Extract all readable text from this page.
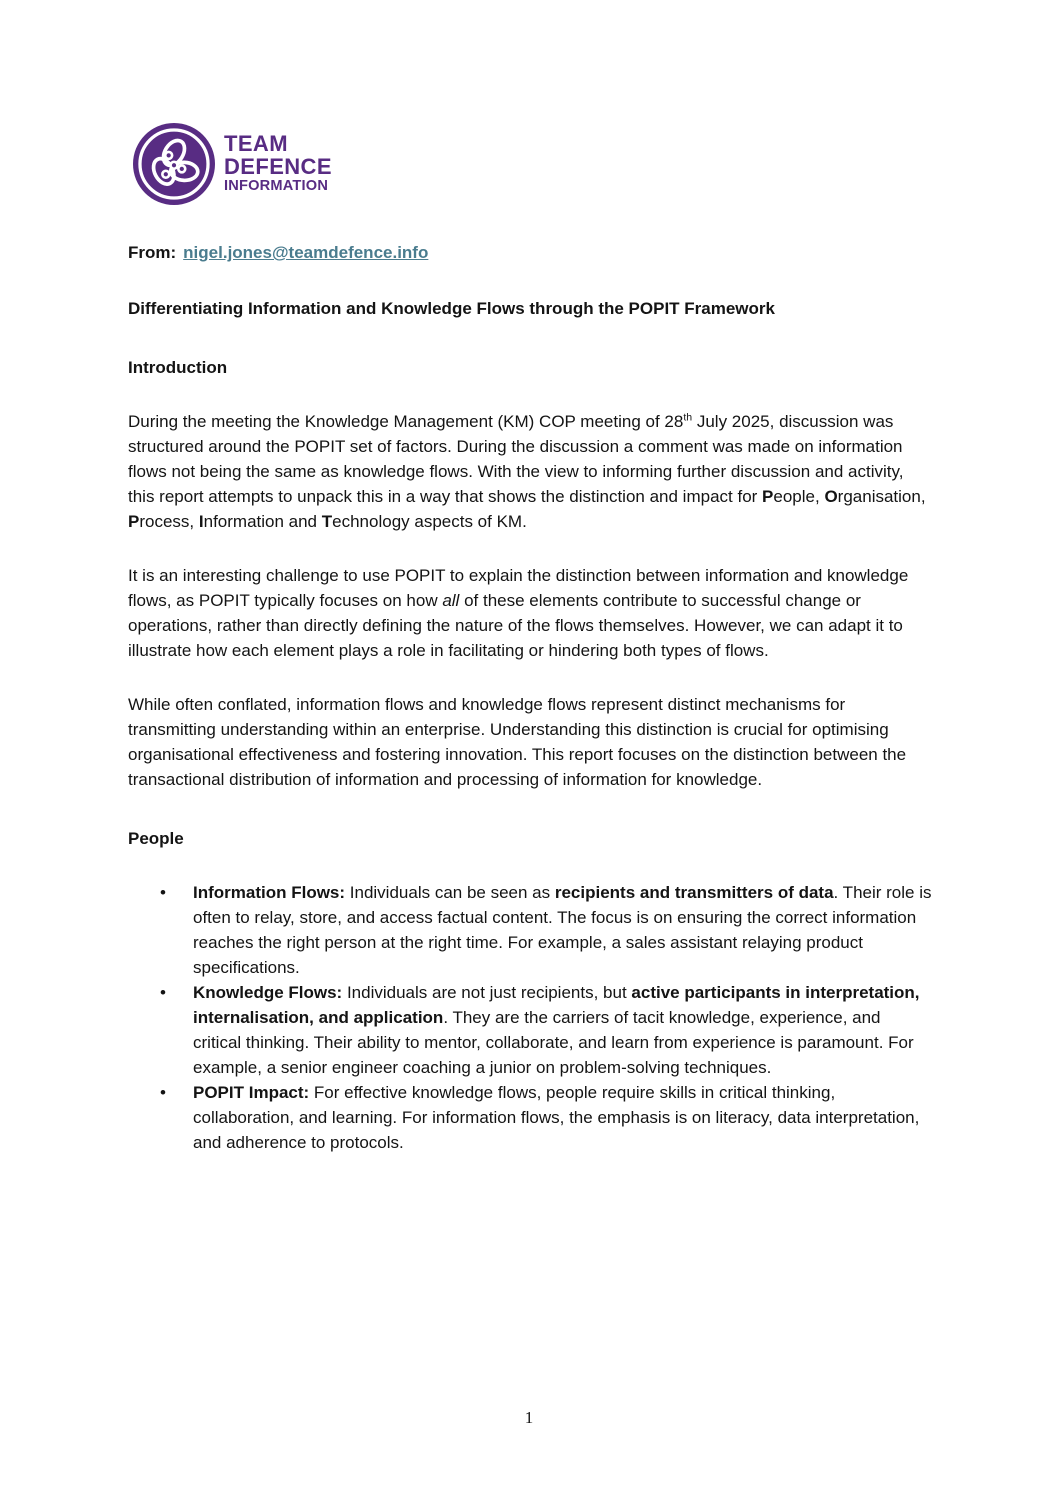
TEAM
DEFENCE
INFORMATION

From: nigel.jones@teamdefence.info

Differentiating Information and Knowledge Flows through the POPIT Framework

Introduction

During the meeting the Knowledge Management (KM) COP meeting of 28th July 2025, discussion was structured around the POPIT set of factors. During the discussion a comment was made on information flows not being the same as knowledge flows. With the view to informing further discussion and activity, this report attempts to unpack this in a way that shows the distinction and impact for People, Organisation, Process, Information and Technology aspects of KM.

It is an interesting challenge to use POPIT to explain the distinction between information and knowledge flows, as POPIT typically focuses on how all of these elements contribute to successful change or operations, rather than directly defining the nature of the flows themselves. However, we can adapt it to illustrate how each element plays a role in facilitating or hindering both types of flows.

While often conflated, information flows and knowledge flows represent distinct mechanisms for transmitting understanding within an enterprise. Understanding this distinction is crucial for optimising organisational effectiveness and fostering innovation. This report focuses on the distinction between the transactional distribution of information and processing of information for knowledge.

People

•	Information Flows: Individuals can be seen as recipients and transmitters of data. Their role is often to relay, store, and access factual content. The focus is on ensuring the correct information reaches the right person at the right time. For example, a sales assistant relaying product specifications.
•	Knowledge Flows: Individuals are not just recipients, but active participants in interpretation, internalisation, and application. They are the carriers of tacit knowledge, experience, and critical thinking. Their ability to mentor, collaborate, and learn from experience is paramount. For example, a senior engineer coaching a junior on problem-solving techniques.
•	POPIT Impact: For effective knowledge flows, people require skills in critical thinking, collaboration, and learning. For information flows, the emphasis is on literacy, data interpretation, and adherence to protocols.
1
